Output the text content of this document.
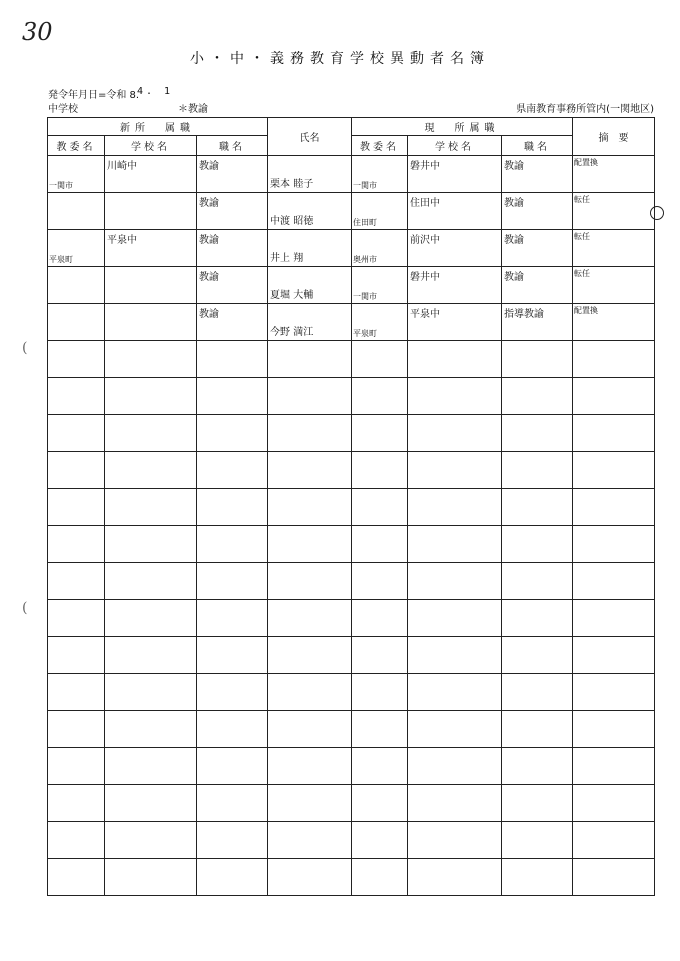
30
小・中・義務教育学校異動者名簿
発令年月日=令和 8.
4. 1
中学校	＊教諭	県南教育事務所管内(一関地区)
(
(
新所　属職			氏名	現　所属職			摘　要
教委名	学校名	職名		教委名	学校名	職名	

一関市	川崎中	教諭	栗本 睦子	一関市	磐井中	教諭	配置換

		教諭	中渡 昭徳	住田町	住田中	教諭	転任

平泉町	平泉中	教諭	井上 翔	奥州市	前沢中	教諭	転任

		教諭	夏堀 大輔	一関市	磐井中	教諭	転任

		教諭	今野 満江	平泉町	平泉中	指導教諭	配置換
